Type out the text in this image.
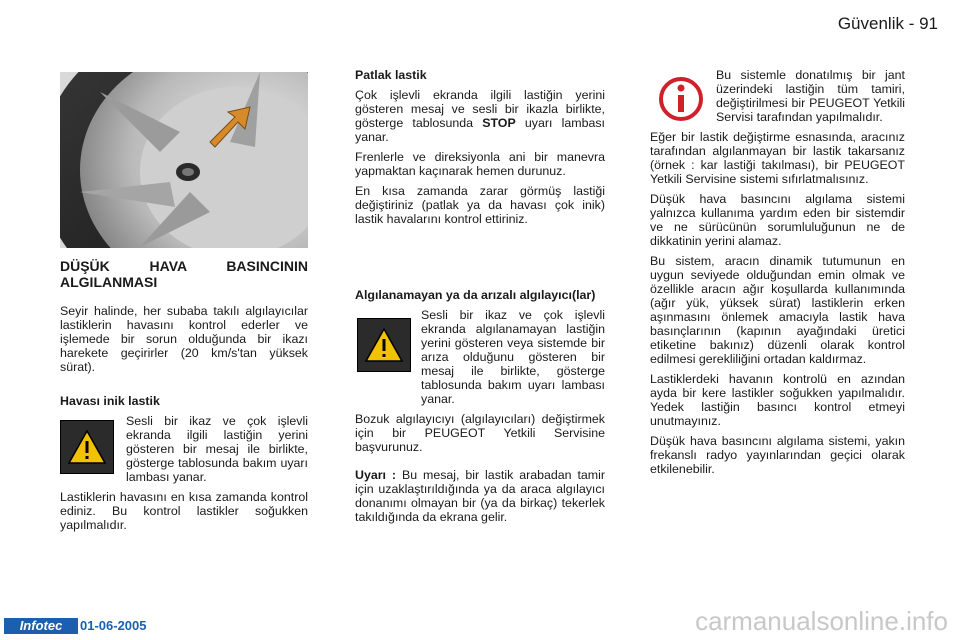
Güvenlik - 91
DÜŞÜK HAVA BASINCININ ALGILANMASI

Seyir halinde, her subaba takılı algılayıcılar lastiklerin havasını kontrol ederler ve işlemede bir sorun olduğunda bir ikazı harekete geçirirler (20 km/s'tan yüksek sürat).

Havası inik lastik

Sesli bir ikaz ve çok işlevli ekranda ilgili lastiğin yerini gösteren bir mesaj ile birlikte, gösterge tablosunda bakım uyarı lambası yanar.

Lastiklerin havasını en kısa zamanda kontrol ediniz. Bu kontrol lastikler soğukken yapılmalıdır.

Patlak lastik

Çok işlevli ekranda ilgili lastiğin yerini gösteren mesaj ve sesli bir ikazla birlikte, gösterge tablosunda STOP uyarı lambası yanar.

Frenlerle ve direksiyonla ani bir manevra yapmaktan kaçınarak hemen durunuz.

En kısa zamanda zarar görmüş lastiği değiştiriniz (patlak ya da havası çok inik) lastik havalarını kontrol ettiriniz.

Algılanamayan ya da arızalı algılayıcı(lar)

Sesli bir ikaz ve çok işlevli ekranda algılanamayan lastiğin yerini gösteren veya sistemde bir arıza olduğunu gösteren bir mesaj ile birlikte, gösterge tablosunda bakım uyarı lambası yanar.

Bozuk algılayıcıyı (algılayıcıları) değiştirmek için bir PEUGEOT Yetkili Servisine başvurunuz.

Uyarı : Bu mesaj, bir lastik arabadan tamir için uzaklaştırıldığında ya da araca algılayıcı donanımı olmayan bir (ya da birkaç) tekerlek takıldığında da ekrana gelir.

Bu sistemle donatılmış bir jant üzerindeki lastiğin tüm tamiri, değiştirilmesi bir PEUGEOT Yetkili Servisi tarafından yapılmalıdır.

Eğer bir lastik değiştirme esnasında, aracınız tarafından algılanmayan bir lastik takarsanız (örnek : kar lastiği takılması), bir PEUGEOT Yetkili Servisine sistemi sıfırlatmalısınız.

Düşük hava basıncını algılama sistemi yalnızca kullanıma yardım eden bir sistemdir ve ne sürücünün sorumluluğunun ne de dikkatinin yerini alamaz.

Bu sistem, aracın dinamik tutumunun en uygun seviyede olduğundan emin olmak ve özellikle aracın ağır koşullarda kullanımında (ağır yük, yüksek sürat) lastiklerin erken aşınmasını önlemek amacıyla lastik hava basınçlarının (kapının ayağındaki üretici etiketine bakınız) düzenli olarak kontrol edilmesi gerekliliğini ortadan kaldırmaz.

Lastiklerdeki havanın kontrolü en azından ayda bir kere lastikler soğukken yapılmalıdır. Yedek lastiğin basıncı kontrol etmeyi unutmayınız.

Düşük hava basıncını algılama sistemi, yakın frekanslı radyo yayınlarından geçici olarak etkilenebilir.

Infotec	01-06-2005	carmanualsonline.info
